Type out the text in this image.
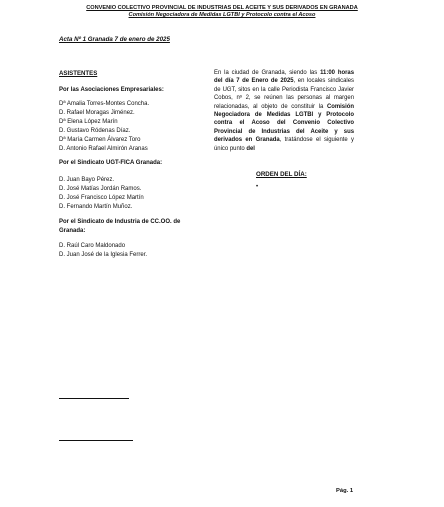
CONVENIO COLECTIVO PROVINCIAL DE INDUSTRIAS DEL ACEITE Y SUS DERIVADOS EN GRANADA
Comisión Negociadora de Medidas LGTBI y Protocolo contra el Acoso
Acta Nº 1 Granada 7 de enero de 2025
ASISTENTES
Por las Asociaciones Empresariales:
Dª Amalia Torres-Montes Concha.
D. Rafael Moragas Jiménez.
Dª Elena López Marín
D. Gustavo Ródenas Díaz.
Dª María Carmen Álvarez Toro
D. Antonio Rafael Almirón Aranas
Por el Sindicato UGT-FICA Granada:
D. Juan Bayo Pérez.
D. José Matías Jordán Ramos.
D. José Francisco López Martín
D. Fernando Martín Muñoz.
Por el Sindicato de Industria de CC.OO. de
Granada:
D. Raúl Caro Maldonado
D. Juan José de la Iglesia Ferrer.
En la ciudad de Granada, siendo las 11:00 horas del día 7 de Enero de 2025, en locales sindicales de UGT, sitos en la calle Periodista Francisco Javier Cobos, nº 2, se reúnen las personas al margen relacionadas, al objeto de constituir la Comisión Negociadora de Medidas LGTBI y Protocolo contra el Acoso del Convenio Colectivo Provincial de Industrias del Aceite y sus derivados en Granada, tratándose el siguiente y único punto del
ORDEN DEL DÍA:
•
Pág. 1
